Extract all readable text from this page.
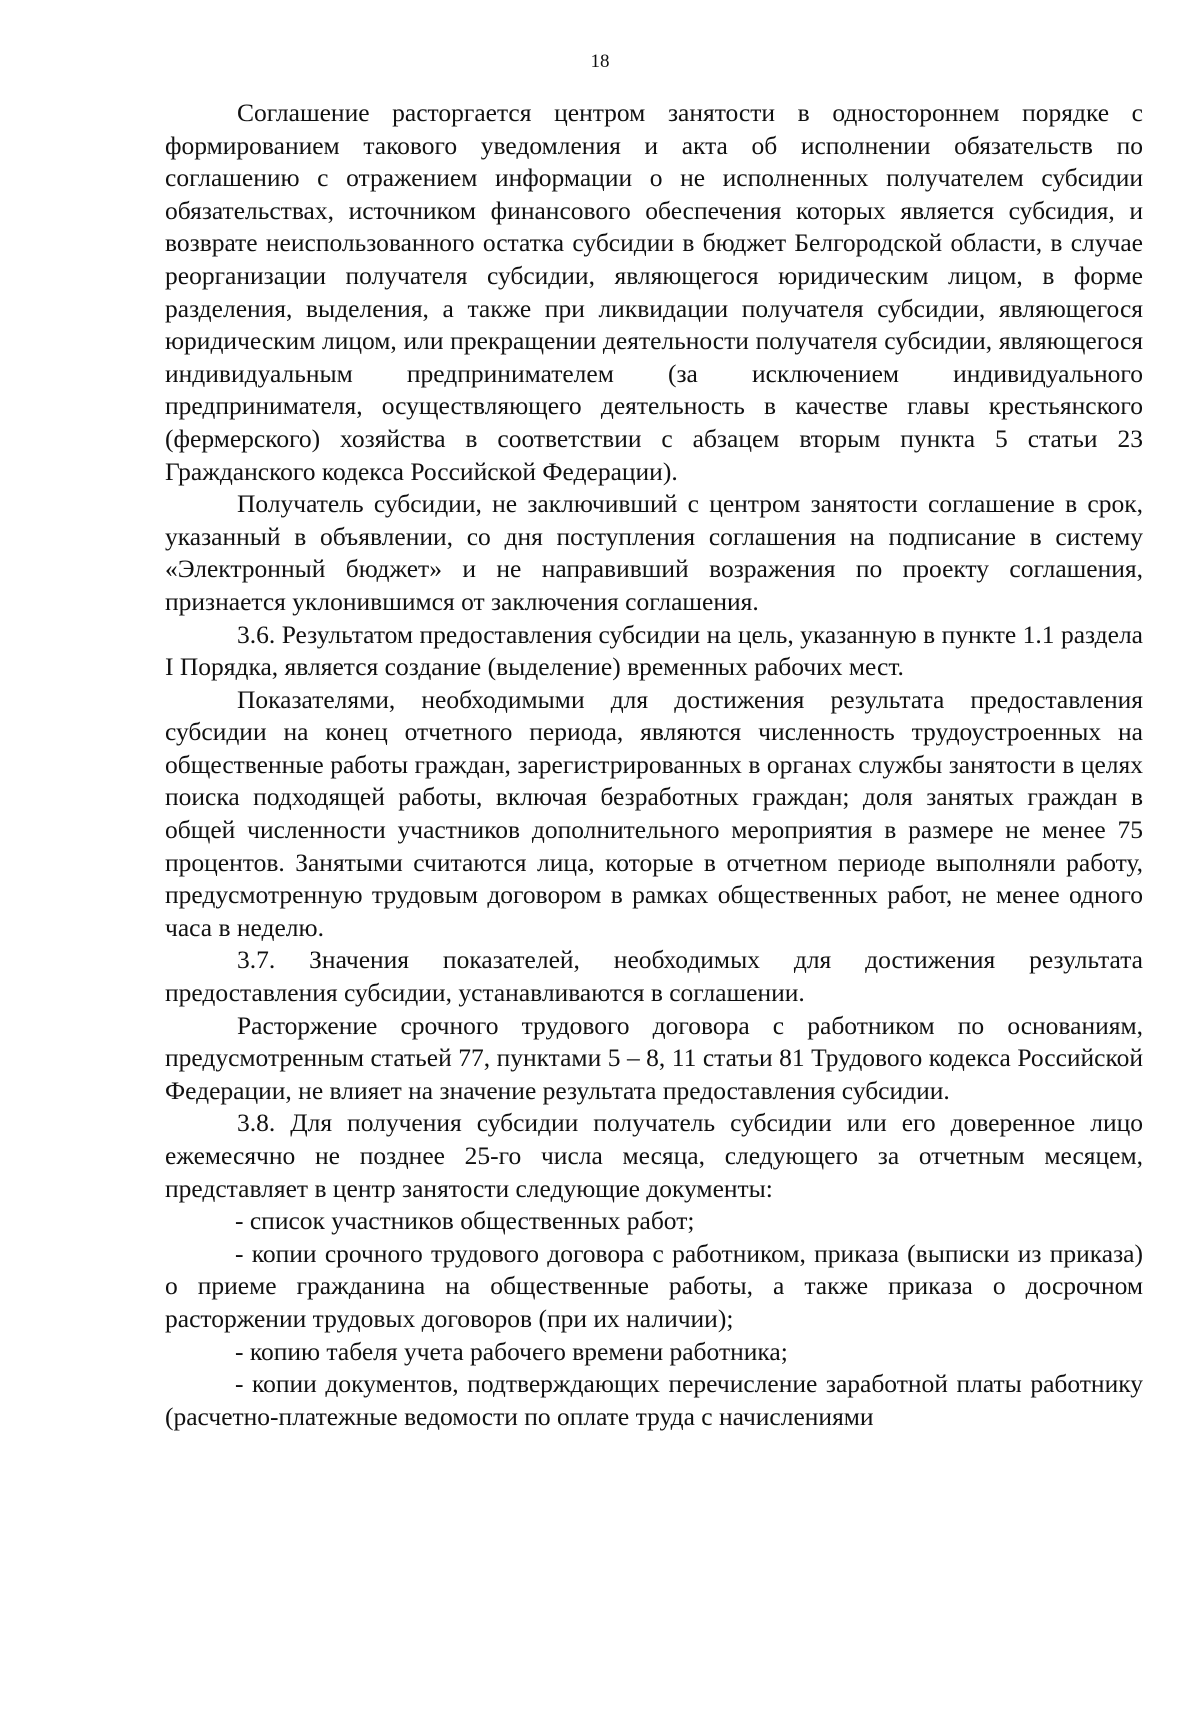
18

Соглашение расторгается центром занятости в одностороннем порядке с формированием такового уведомления и акта об исполнении обязательств по соглашению с отражением информации о не исполненных получателем субсидии обязательствах, источником финансового обеспечения которых является субсидия, и возврате неиспользованного остатка субсидии в бюджет Белгородской области, в случае реорганизации получателя субсидии, являющегося юридическим лицом, в форме разделения, выделения, а также при ликвидации получателя субсидии, являющегося юридическим лицом, или прекращении деятельности получателя субсидии, являющегося индивидуальным предпринимателем (за исключением индивидуального предпринимателя, осуществляющего деятельность в качестве главы крестьянского (фермерского) хозяйства в соответствии с абзацем вторым пункта 5 статьи 23 Гражданского кодекса Российской Федерации).

Получатель субсидии, не заключивший с центром занятости соглашение в срок, указанный в объявлении, со дня поступления соглашения на подписание в систему «Электронный бюджет» и не направивший возражения по проекту соглашения, признается уклонившимся от заключения соглашения.

3.6. Результатом предоставления субсидии на цель, указанную в пункте 1.1 раздела I Порядка, является создание (выделение) временных рабочих мест.

Показателями, необходимыми для достижения результата предоставления субсидии на конец отчетного периода, являются численность трудоустроенных на общественные работы граждан, зарегистрированных в органах службы занятости в целях поиска подходящей работы, включая безработных граждан; доля занятых граждан в общей численности участников дополнительного мероприятия в размере не менее 75 процентов. Занятыми считаются лица, которые в отчетном периоде выполняли работу, предусмотренную трудовым договором в рамках общественных работ, не менее одного часа в неделю.

3.7. Значения показателей, необходимых для достижения результата предоставления субсидии, устанавливаются в соглашении.

Расторжение срочного трудового договора с работником по основаниям, предусмотренным статьей 77, пунктами 5 – 8, 11 статьи 81 Трудового кодекса Российской Федерации, не влияет на значение результата предоставления субсидии.

3.8. Для получения субсидии получатель субсидии или его доверенное лицо ежемесячно не позднее 25-го числа месяца, следующего за отчетным месяцем, представляет в центр занятости следующие документы:

- список участников общественных работ;

- копии срочного трудового договора с работником, приказа (выписки из приказа) о приеме гражданина на общественные работы, а также приказа о досрочном расторжении трудовых договоров (при их наличии);

- копию табеля учета рабочего времени работника;

- копии документов, подтверждающих перечисление заработной платы работнику (расчетно-платежные ведомости по оплате труда с начислениями
